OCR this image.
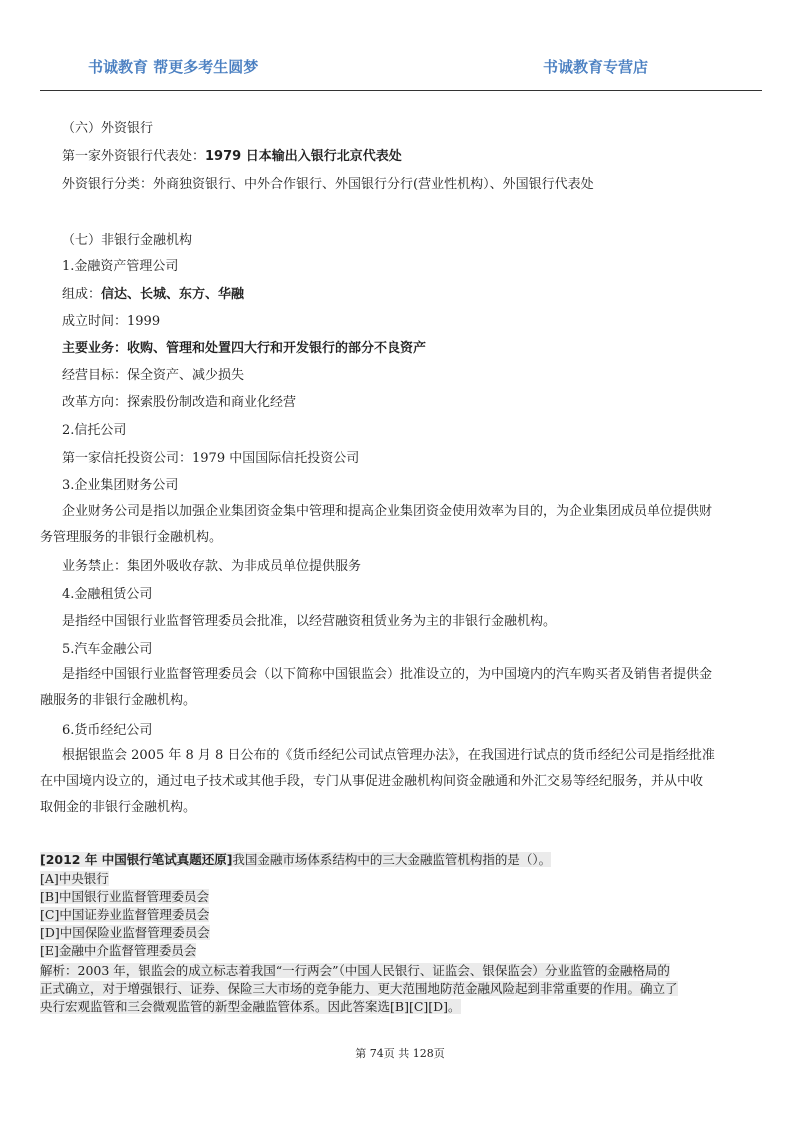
书诚教育 帮更多考生圆梦	书诚教育专营店
（六）外资银行
第一家外资银行代表处：1979 日本输出入银行北京代表处
外资银行分类：外商独资银行、中外合作银行、外国银行分行(营业性机构）、外国银行代表处
（七）非银行金融机构
1.金融资产管理公司
组成：信达、长城、东方、华融
成立时间：1999
主要业务：收购、管理和处置四大行和开发银行的部分不良资产
经营目标：保全资产、减少损失
改革方向：探索股份制改造和商业化经营
2.信托公司
第一家信托投资公司：1979 中国国际信托投资公司
3.企业集团财务公司
企业财务公司是指以加强企业集团资金集中管理和提高企业集团资金使用效率为目的，为企业集团成员单位提供财
务管理服务的非银行金融机构。
业务禁止：集团外吸收存款、为非成员单位提供服务
4.金融租赁公司
是指经中国银行业监督管理委员会批准，以经营融资租赁业务为主的非银行金融机构。
5.汽车金融公司
是指经中国银行业监督管理委员会（以下简称中国银监会）批准设立的，为中国境内的汽车购买者及销售者提供金
融服务的非银行金融机构。
6.货币经纪公司
根据银监会 2005 年 8 月 8 日公布的《货币经纪公司试点管理办法》，在我国进行试点的货币经纪公司是指经批准
在中国境内设立的，通过电子技术或其他手段，专门从事促进金融机构间资金融通和外汇交易等经纪服务，并从中收
取佣金的非银行金融机构。
[2012 年 中国银行笔试真题还原]我国金融市场体系结构中的三大金融监管机构指的是（）。
[A]中央银行
[B]中国银行业监督管理委员会
[C]中国证券业监督管理委员会
[D]中国保险业监督管理委员会
[E]金融中介监督管理委员会
解析：2003 年，银监会的成立标志着我国“一行两会”（中国人民银行、证监会、银保监会）分业监管的金融格局的
正式确立，对于增强银行、证券、保险三大市场的竞争能力、更大范围地防范金融风险起到非常重要的作用。确立了
央行宏观监管和三会微观监管的新型金融监管体系。因此答案选[B][C][D]。
第 74页 共 128页
